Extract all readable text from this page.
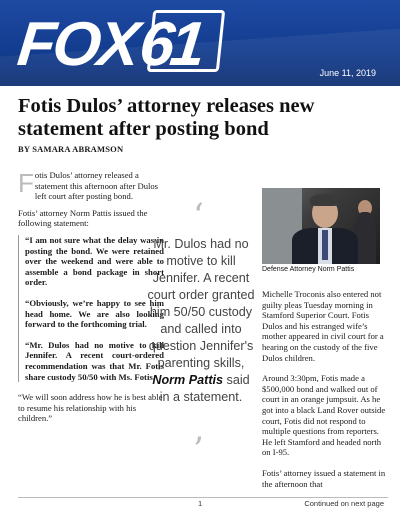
FOX
61	June 11, 2019
Fotis Dulos’ attorney releases new statement after posting bond
BY SAMARA ABRAMSON

Fotis Dulos’ attorney released a statement this afternoon after Dulos left court after posting bond.

Fotis’ attorney Norm Pattis issued the following statement:

“I am not sure what the delay was in posting the bond. We were retained over the weekend and were able to assemble a bond package in short order.

“Obviously, we’re happy to see him head home. We are also looking forward to the forthcoming trial.

“Mr. Dulos had no motive to kill Jennifer. A recent court-ordered recommendation was that Mr. Fotis share custody 50/50 with Ms. Fotis.

“We will soon address how he is best able to resume his relationship with his children.”

‘
Mr. Dulos had no motive to kill Jennifer. A recent court order granted him 50/50 custody and called into question Jennifer's parenting skills, Norm Pattis said in a statement.
’
Defense Attorney Norm Pattis

Michelle Troconis also entered not guilty pleas Tuesday morning in Stamford Superior Court. Fotis Dulos and his estranged wife’s mother appeared in civil court for a hearing on the custody of the five Dulos children.

Around 3:30pm, Fotis made a $500,000 bond and walked out of court in an orange jumpsuit. As he got into a black Land Rover outside court, Fotis did not respond to multiple questions from reporters. He left Stamford and headed north on I-95.

Fotis’ attorney issued a statement in the afternoon that

1	Continued on next page
